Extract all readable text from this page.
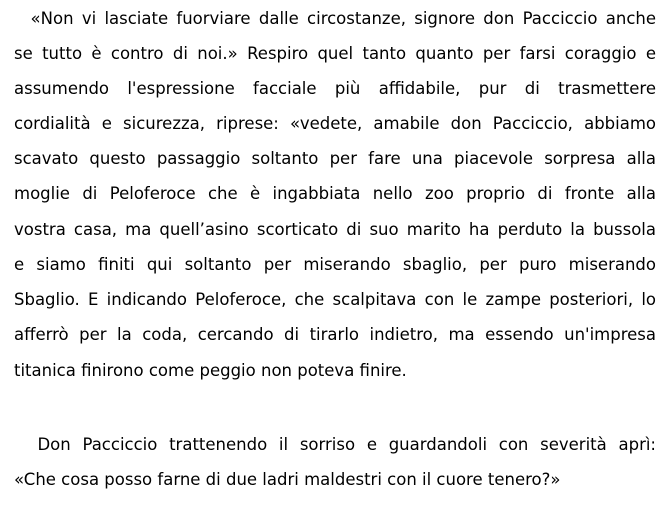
«Non vi lasciate fuorviare dalle circostanze, signore don Pacciccio anche
se tutto è contro di noi.» Respiro quel tanto quanto per farsi coraggio e
assumendo l'espressione facciale più affidabile, pur di trasmettere
cordialità e sicurezza, riprese: «vedete, amabile don Pacciccio, abbiamo
scavato questo passaggio soltanto per fare una piacevole sorpresa alla
moglie di Peloferoce che è ingabbiata nello zoo proprio di fronte alla
vostra casa, ma quell’asino scorticato di suo marito ha perduto la bussola
e siamo finiti qui soltanto per miserando sbaglio, per puro miserando
Sbaglio. E indicando Peloferoce, che scalpitava con le zampe posteriori, lo
afferrò per la coda, cercando di tirarlo indietro, ma essendo un'impresa
titanica finirono come peggio non poteva finire.
Don Pacciccio trattenendo il sorriso e guardandoli con severità aprì:
«Che cosa posso farne di due ladri maldestri con il cuore tenero?»
